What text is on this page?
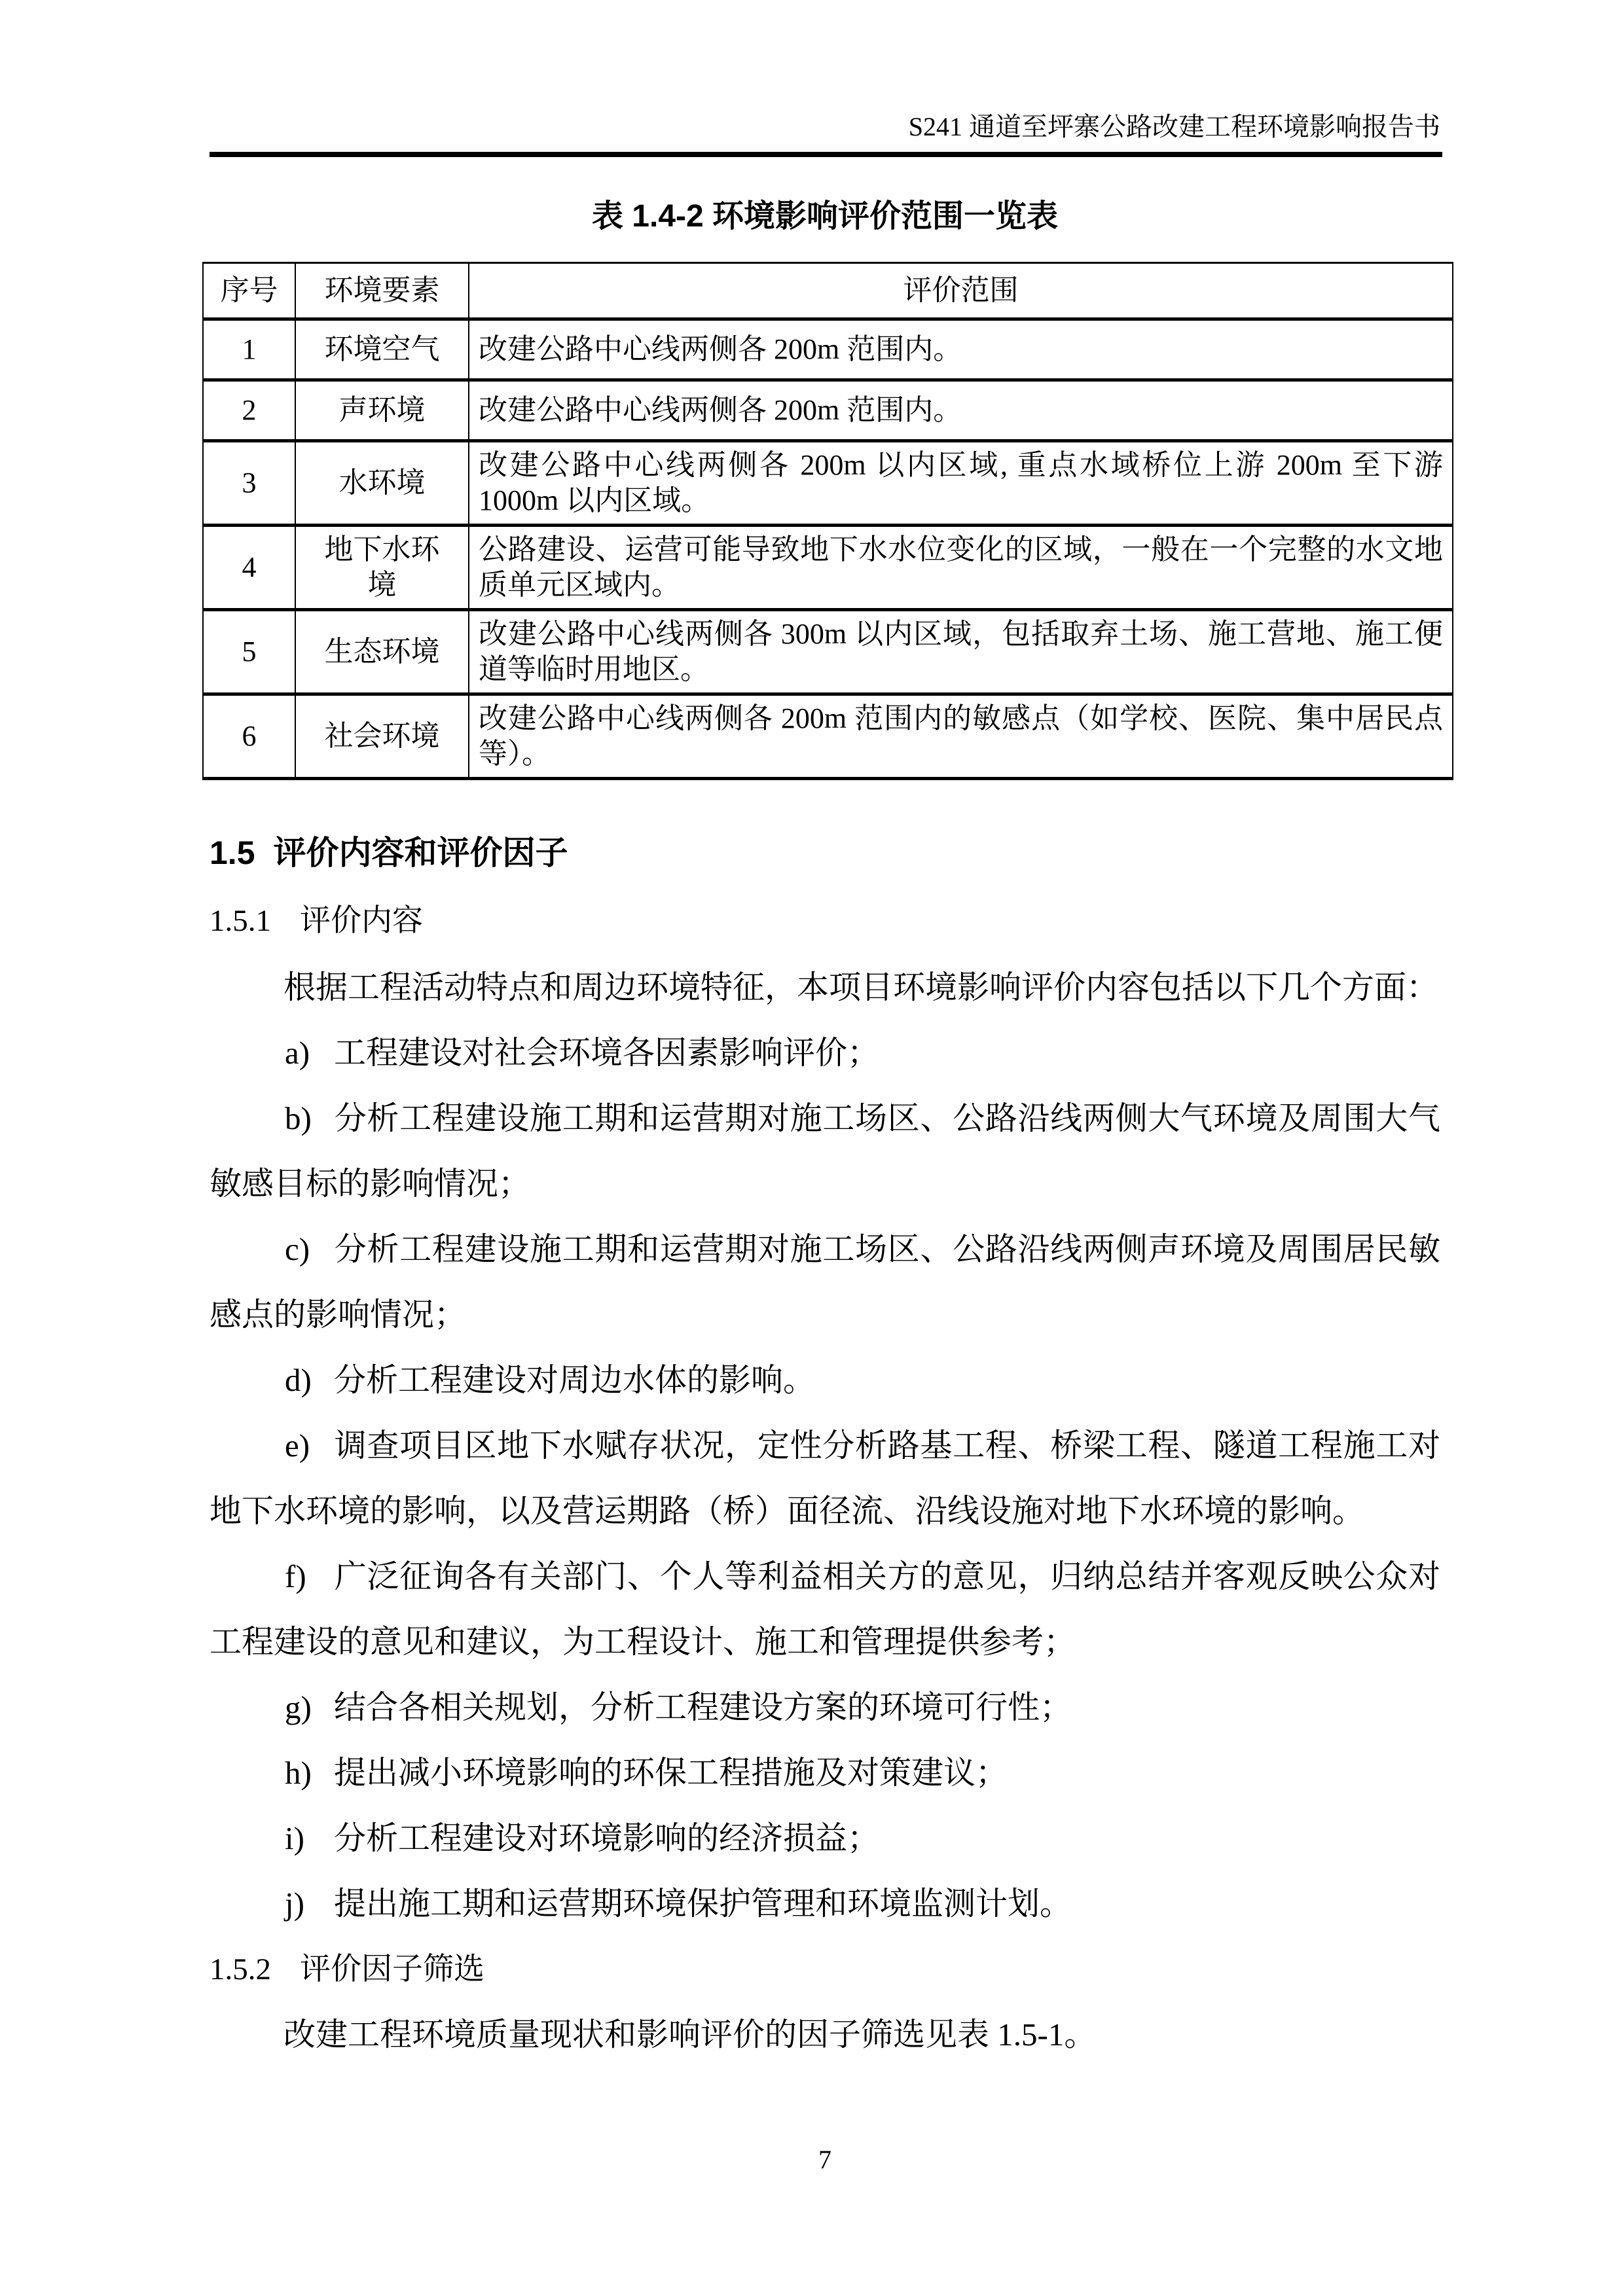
S241 通道至坪寨公路改建工程环境影响报告书
表 1.4-2 环境影响评价范围一览表
序号	环境要素	评价范围
1	环境空气	改建公路中心线两侧各 200m 范围内。
2	声环境	改建公路中心线两侧各 200m 范围内。
3	水环境	改建公路中心线两侧各 200m 以内区域, 重点水域桥位上游 200m 至下游 1000m 以内区域。
4	地下水环境	公路建设、运营可能导致地下水水位变化的区域，一般在一个完整的水文地质单元区域内。
5	生态环境	改建公路中心线两侧各 300m 以内区域，包括取弃土场、施工营地、施工便道等临时用地区。
6	社会环境	改建公路中心线两侧各 200m 范围内的敏感点（如学校、医院、集中居民点等）。
1.5 评价内容和评价因子
1.5.1 评价内容
根据工程活动特点和周边环境特征，本项目环境影响评价内容包括以下几个方面：
a) 工程建设对社会环境各因素影响评价；
b) 分析工程建设施工期和运营期对施工场区、公路沿线两侧大气环境及周围大气敏感目标的影响情况；
c) 分析工程建设施工期和运营期对施工场区、公路沿线两侧声环境及周围居民敏感点的影响情况；
d) 分析工程建设对周边水体的影响。
e) 调查项目区地下水赋存状况，定性分析路基工程、桥梁工程、隧道工程施工对地下水环境的影响，以及营运期路（桥）面径流、沿线设施对地下水环境的影响。
f) 广泛征询各有关部门、个人等利益相关方的意见，归纳总结并客观反映公众对工程建设的意见和建议，为工程设计、施工和管理提供参考；
g) 结合各相关规划，分析工程建设方案的环境可行性；
h) 提出减小环境影响的环保工程措施及对策建议；
i) 分析工程建设对环境影响的经济损益；
j) 提出施工期和运营期环境保护管理和环境监测计划。
1.5.2 评价因子筛选
改建工程环境质量现状和影响评价的因子筛选见表 1.5-1。
7
